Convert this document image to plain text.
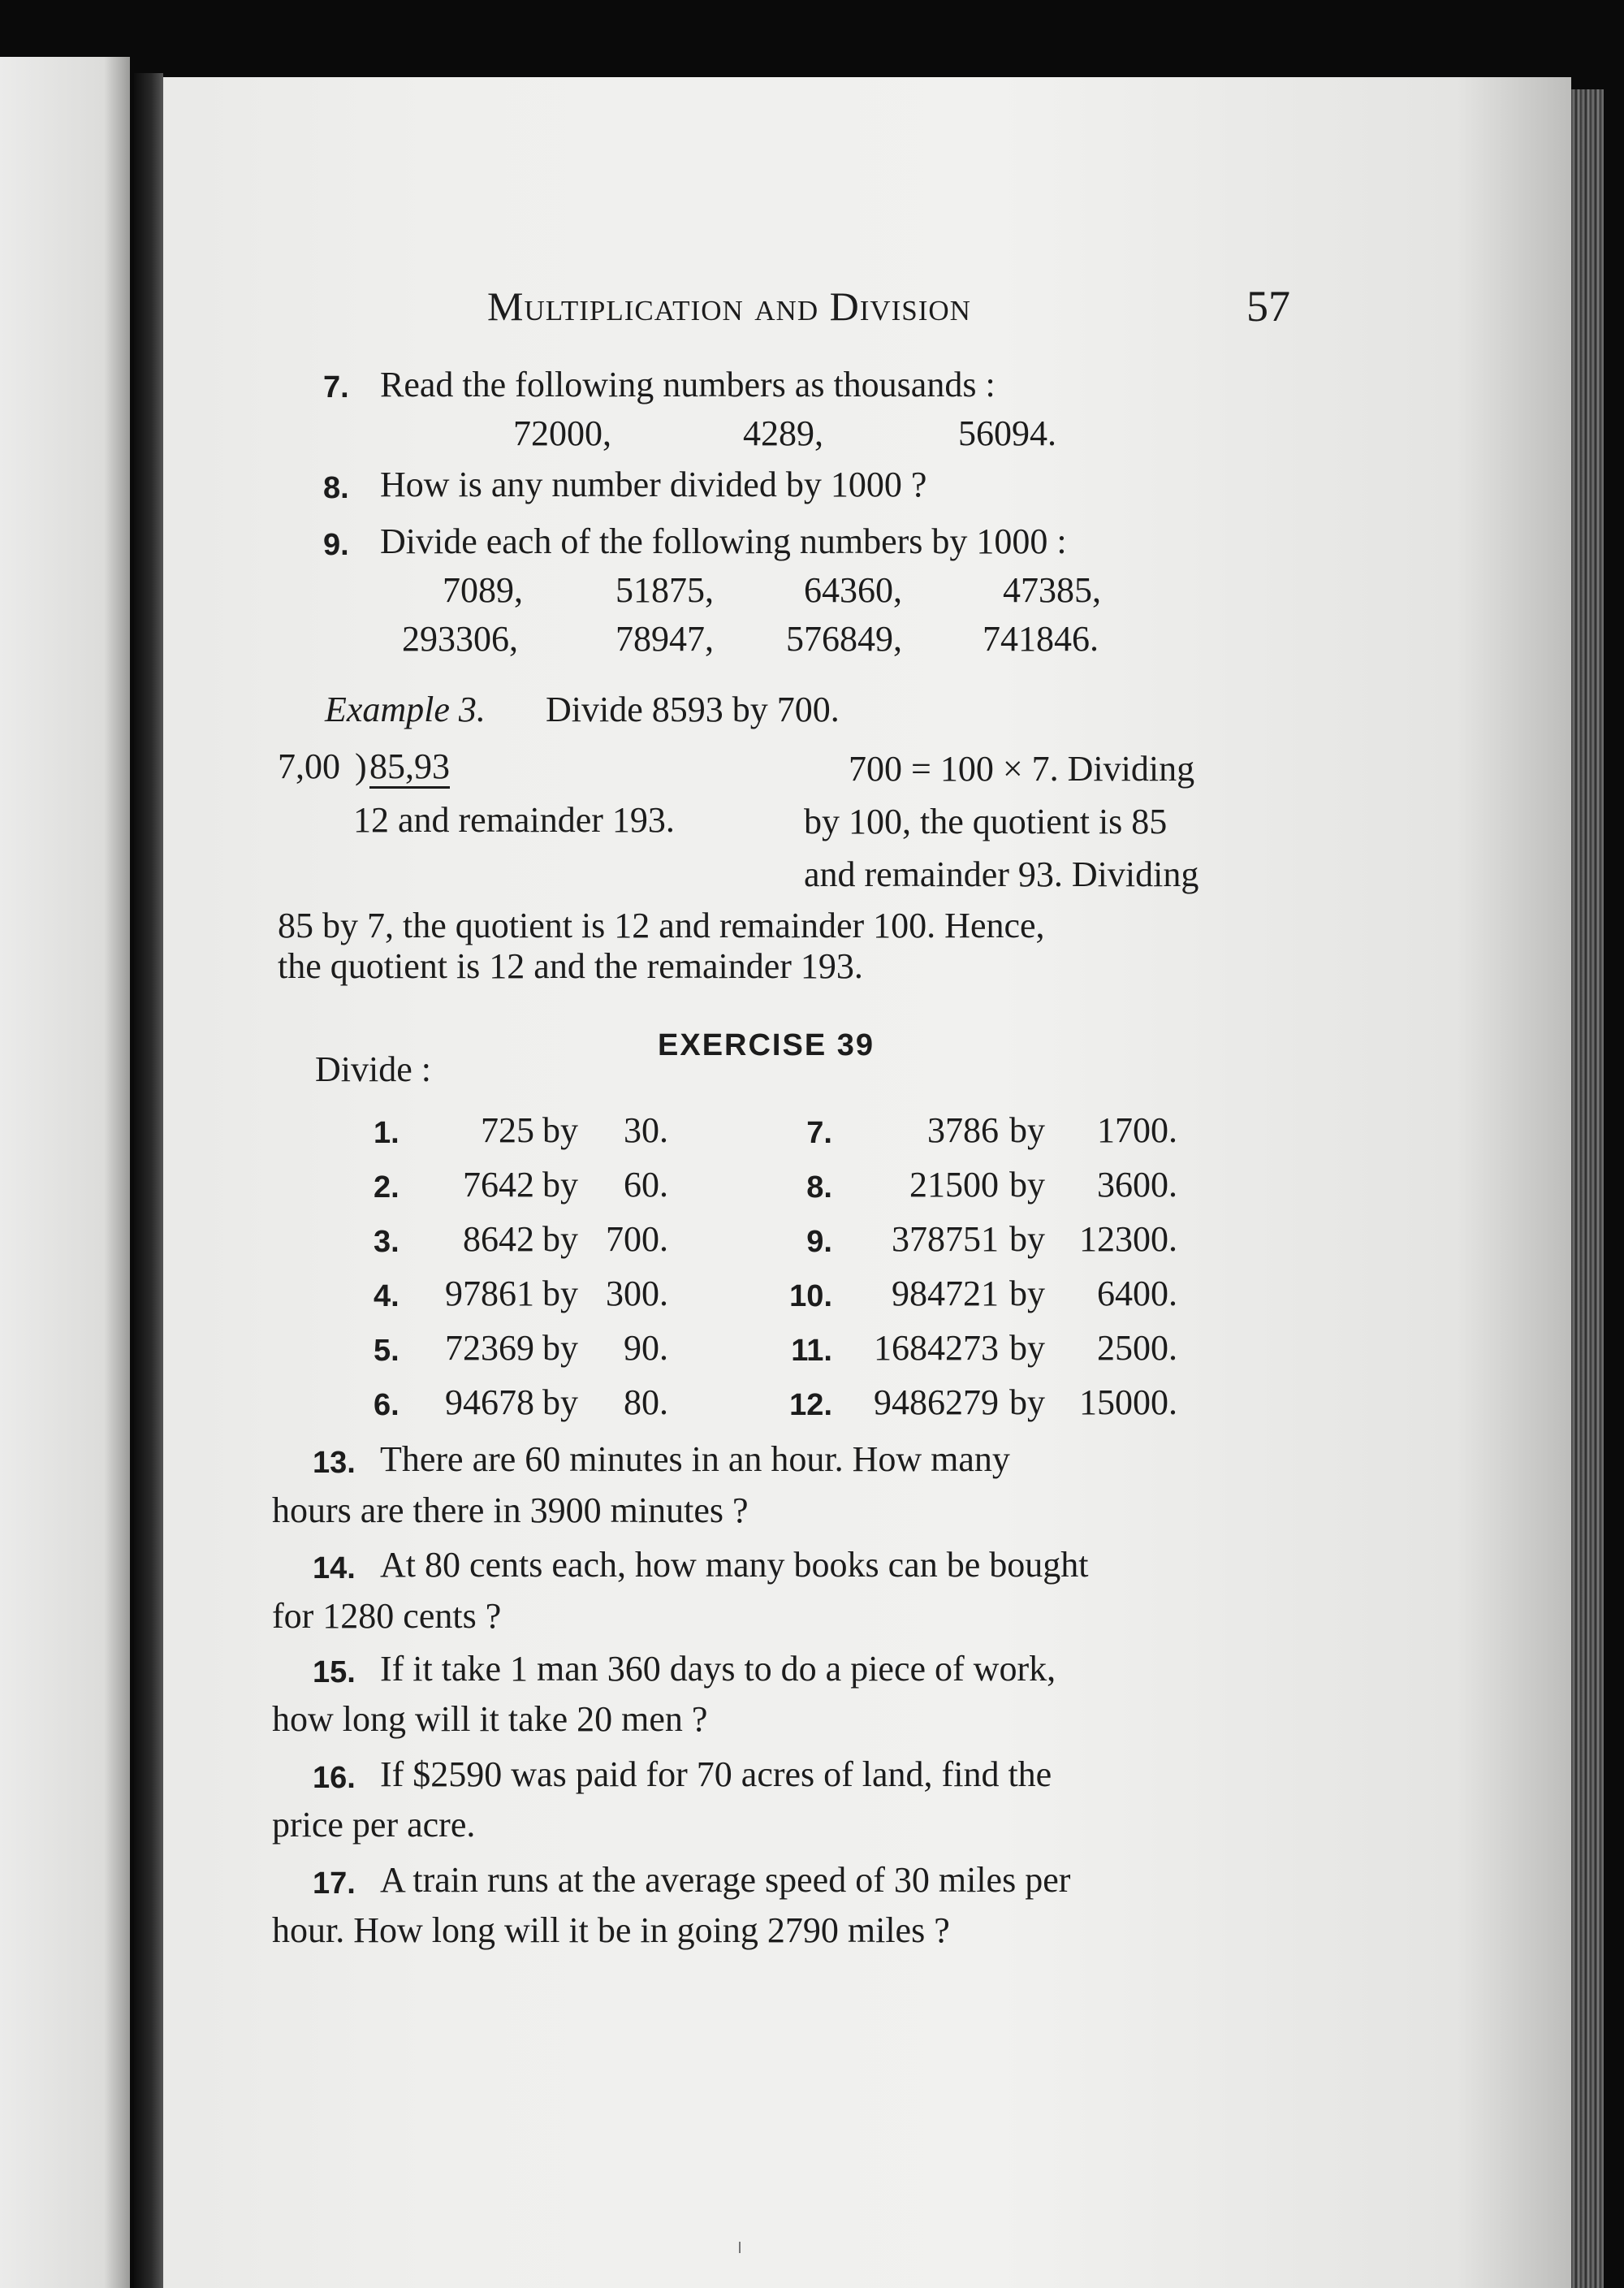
Multiplication and Division	57
7. Read the following numbers as thousands :
72000,	4289,	56094.
8. How is any number divided by 1000 ?
9. Divide each of the following numbers by 1000 :
7089,	51875,	64360,	47385,
293306,	78947, 576849, 741846.
Example 3. Divide 8593 by 700.
7,00 ) 85,93
12 and remainder 193.
700 = 100 × 7. Dividing
by 100, the quotient is 85
and remainder 93. Dividing
85 by 7, the quotient is 12 and remainder 100. Hence,
the quotient is 12 and the remainder 193.
EXERCISE 39
Divide :
1.	725 by	30.
2.	7642 by	60.
3.	8642 by 700.
4.	97861 by 300.
5.	72369 by	90.
6.	94678 by	80.
7.	3786 by	1700.
8.	21500 by	3600.
9.	378751 by 12300.
10.	984721 by	6400.
11.	1684273 by	2500.
12.	9486279 by 15000.
13. There are 60 minutes in an hour. How many
hours are there in 3900 minutes ?
14. At 80 cents each, how many books can be bought
for 1280 cents ?
15. If it take 1 man 360 days to do a piece of work,
how long will it take 20 men ?
16. If $2590 was paid for 70 acres of land, find the
price per acre.
17. A train runs at the average speed of 30 miles per
hour. How long will it be in going 2790 miles ?
